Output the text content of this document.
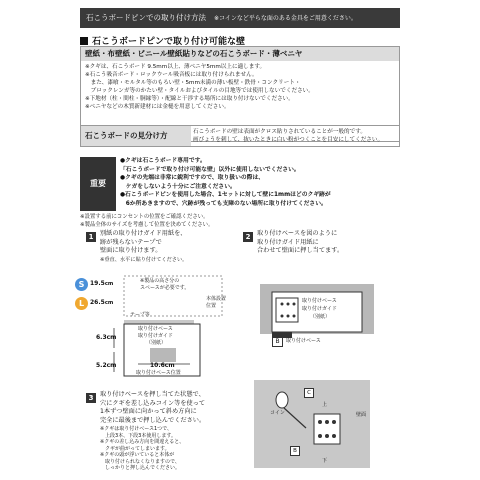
石こうボードピンでの取り付け方法 ※コインなど平らな面のある金具をご用意ください。
石こうボードピンで取り付け可能な壁
壁紙・布壁紙・ビニール壁紙貼りなどの石こうボード・薄ベニヤ
※クギは、石こうボード 9.5mm以上、薄ベニヤ5mm以上に適します。
※石こう吸音ボード・ロックウール吸音板には取り付けられません。
　また、漆喰・モルタル等のもろい壁・5mm未満の薄い板壁・鉄骨・コンクリート・
　ブロックレンガ等のかたい壁・タイルおよびタイルの目地等では使用しないでください。
※下地材（柱・間柱・胴縁等）・配線と干渉する場所には取り付けないでください。
※ベニヤなどの木質新建材には金槌を用意してください。
石こうボードの見分け方	石こうボードの壁は表面がクロス貼りされていることが一般的です。
画びょうを刺して、抜いたときに白い粉がつくことを目安にしてください。
重要
●クギは石こうボード専用です。
「石こうボードで取り付け可能な壁」以外に使用しないでください。
●クギの先端は非常に鋭利ですので、取り扱いの際は、
　ケガをしないよう十分にご注意ください。
●石こうボードピンを使用した場合、1セットに対して壁に1mmほどのクギ跡が
　6か所あきますので、穴跡が残っても支障のない場所に取り付けてください。
※設置する前にコンセントの位置をご確認ください。
※製品全体のサイズを考慮して位置を決めてください。
1	別紙の取り付けガイド用紙を、
跡が残らないテープで
壁面に取り付けます。
※垂直、水平に貼り付けてください。
S 19.5cm
L 26.5cm
※製品の高さ分の
スペースが必要です。
本体設置
位置
テープ等
取り付けベース
取り付けガイド
（別紙）
6.3cm
5.2cm	10.6cm
取り付けベース位置
2	取り付けベースを図のように
取り付けガイド用紙に
合わせて壁面に押し当てます。
取り付けベース
取り付けガイド
（別紙）
B	取り付けベース
3	取り付けベースを押し当てた状態で、
穴にクギを差し込みコイン等を使って
1本ずつ壁面に向かって斜め方向に
完全に最後まで押し込んでください。
※クギは取り付けベース1つで、
　上段3本、下段3本使用します。
※クギの差し込み方向を間違えると、
　クギが曲がってしまいます。
※クギの頭が浮いていると本体が
　取り付けられなくなりますので、
　しっかりと押し込んでください。
コイン	壁面
上
下
C
B
